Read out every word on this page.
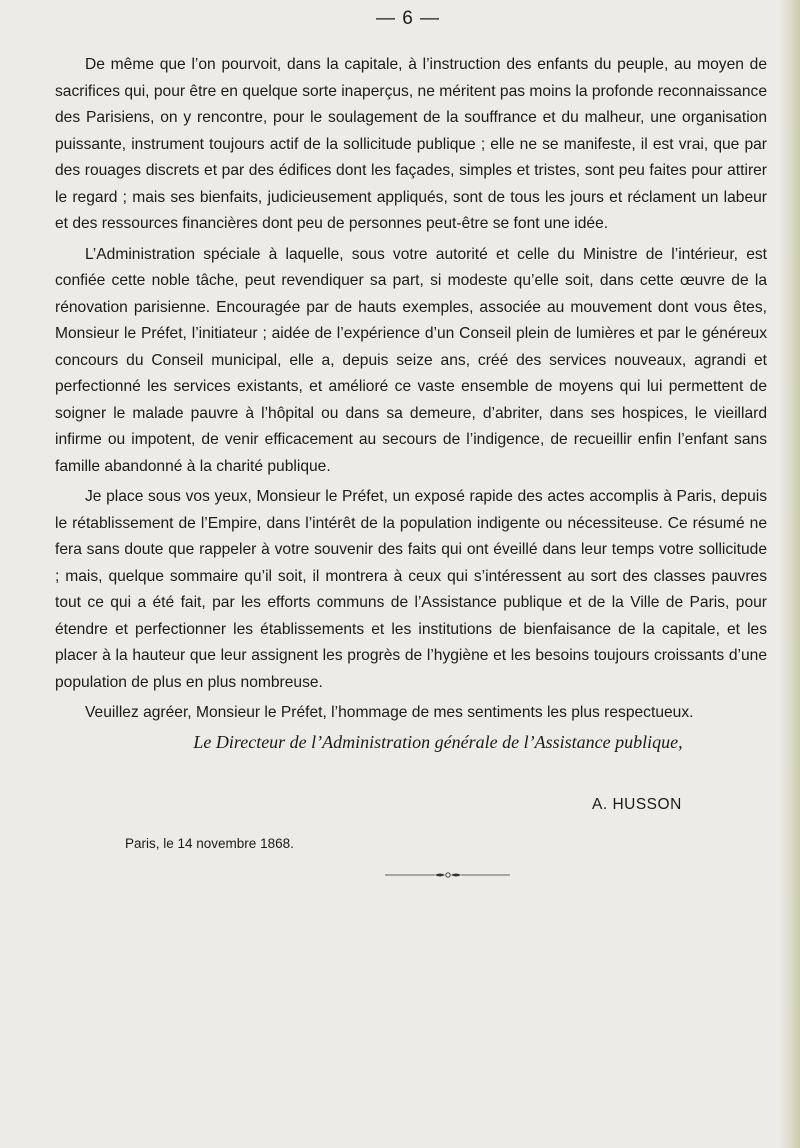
— 6 —

De même que l’on pourvoit, dans la capitale, à l’instruction des enfants du peuple, au moyen de sacrifices qui, pour être en quelque sorte inaperçus, ne méritent pas moins la profonde reconnaissance des Parisiens, on y rencontre, pour le soulagement de la souffrance et du malheur, une organisation puissante, instrument toujours actif de la sollicitude publique ; elle ne se manifeste, il est vrai, que par des rouages discrets et par des édifices dont les façades, simples et tristes, sont peu faites pour attirer le regard ; mais ses bienfaits, judicieusement appliqués, sont de tous les jours et réclament un labeur et des ressources financières dont peu de personnes peut-être se font une idée.

L’Administration spéciale à laquelle, sous votre autorité et celle du Ministre de l’intérieur, est confiée cette noble tâche, peut revendiquer sa part, si modeste qu’elle soit, dans cette œuvre de la rénovation parisienne. Encouragée par de hauts exemples, associée au mouvement dont vous êtes, Monsieur le Préfet, l’initiateur ; aidée de l’expérience d’un Conseil plein de lumières et par le généreux concours du Conseil municipal, elle a, depuis seize ans, créé des services nouveaux, agrandi et perfectionné les services existants, et amélioré ce vaste ensemble de moyens qui lui permettent de soigner le malade pauvre à l’hôpital ou dans sa demeure, d’abriter, dans ses hospices, le vieillard infirme ou impotent, de venir efficacement au secours de l’indigence, de recueillir enfin l’enfant sans famille abandonné à la charité publique.

Je place sous vos yeux, Monsieur le Préfet, un exposé rapide des actes accomplis à Paris, depuis le rétablissement de l’Empire, dans l’intérêt de la population indigente ou nécessiteuse. Ce résumé ne fera sans doute que rappeler à votre souvenir des faits qui ont éveillé dans leur temps votre sollicitude ; mais, quelque sommaire qu’il soit, il montrera à ceux qui s’intéressent au sort des classes pauvres tout ce qui a été fait, par les efforts communs de l’Assistance publique et de la Ville de Paris, pour étendre et perfectionner les établissements et les institutions de bienfaisance de la capitale, et les placer à la hauteur que leur assignent les progrès de l’hygiène et les besoins toujours croissants d’une population de plus en plus nombreuse.

Veuillez agréer, Monsieur le Préfet, l’hommage de mes sentiments les plus respectueux.

Le Directeur de l’Administration générale de l’Assistance publique,
A. HUSSON
Paris, le 14 novembre 1868.
